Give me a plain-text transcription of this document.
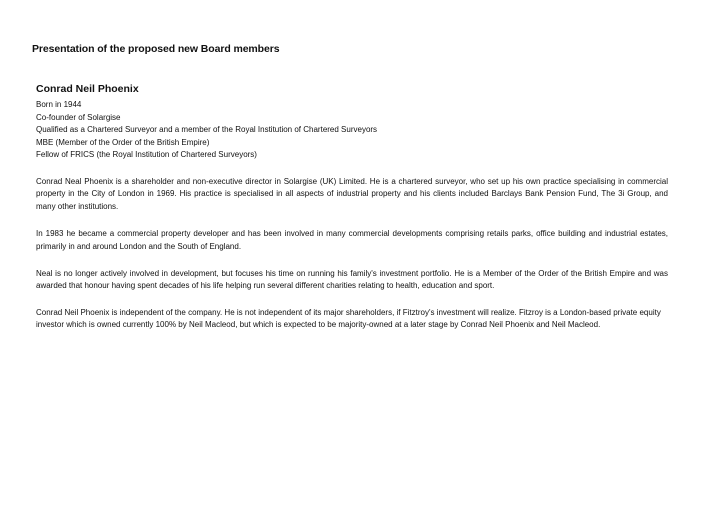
Presentation of the proposed new Board members
Conrad Neil Phoenix
Born in 1944
Co-founder of Solargise
Qualified as a Chartered Surveyor and a member of the Royal Institution of Chartered Surveyors
MBE (Member of the Order of the British Empire)
Fellow of FRICS (the Royal Institution of Chartered Surveyors)

Conrad Neal Phoenix is a shareholder and non-executive director in Solargise (UK) Limited. He is a chartered surveyor, who set up his own practice specialising in commercial property in the City of London in 1969. His practice is specialised in all aspects of industrial property and his clients included Barclays Bank Pension Fund, The 3i Group, and many other institutions.

In 1983 he became a commercial property developer and has been involved in many commercial developments comprising retails parks, office building and industrial estates, primarily in and around London and the South of England.

Neal is no longer actively involved in development, but focuses his time on running his family's investment portfolio. He is a Member of the Order of the British Empire and was awarded that honour having spent decades of his life helping run several different charities relating to health, education and sport.

Conrad Neil Phoenix is independent of the company. He is not independent of its major shareholders, if Fitztroy's investment will realize. Fitzroy is a London-based private equity investor which is owned currently 100% by Neil Macleod, but which is expected to be majority-owned at a later stage by Conrad Neil Phoenix and Neil Macleod.
